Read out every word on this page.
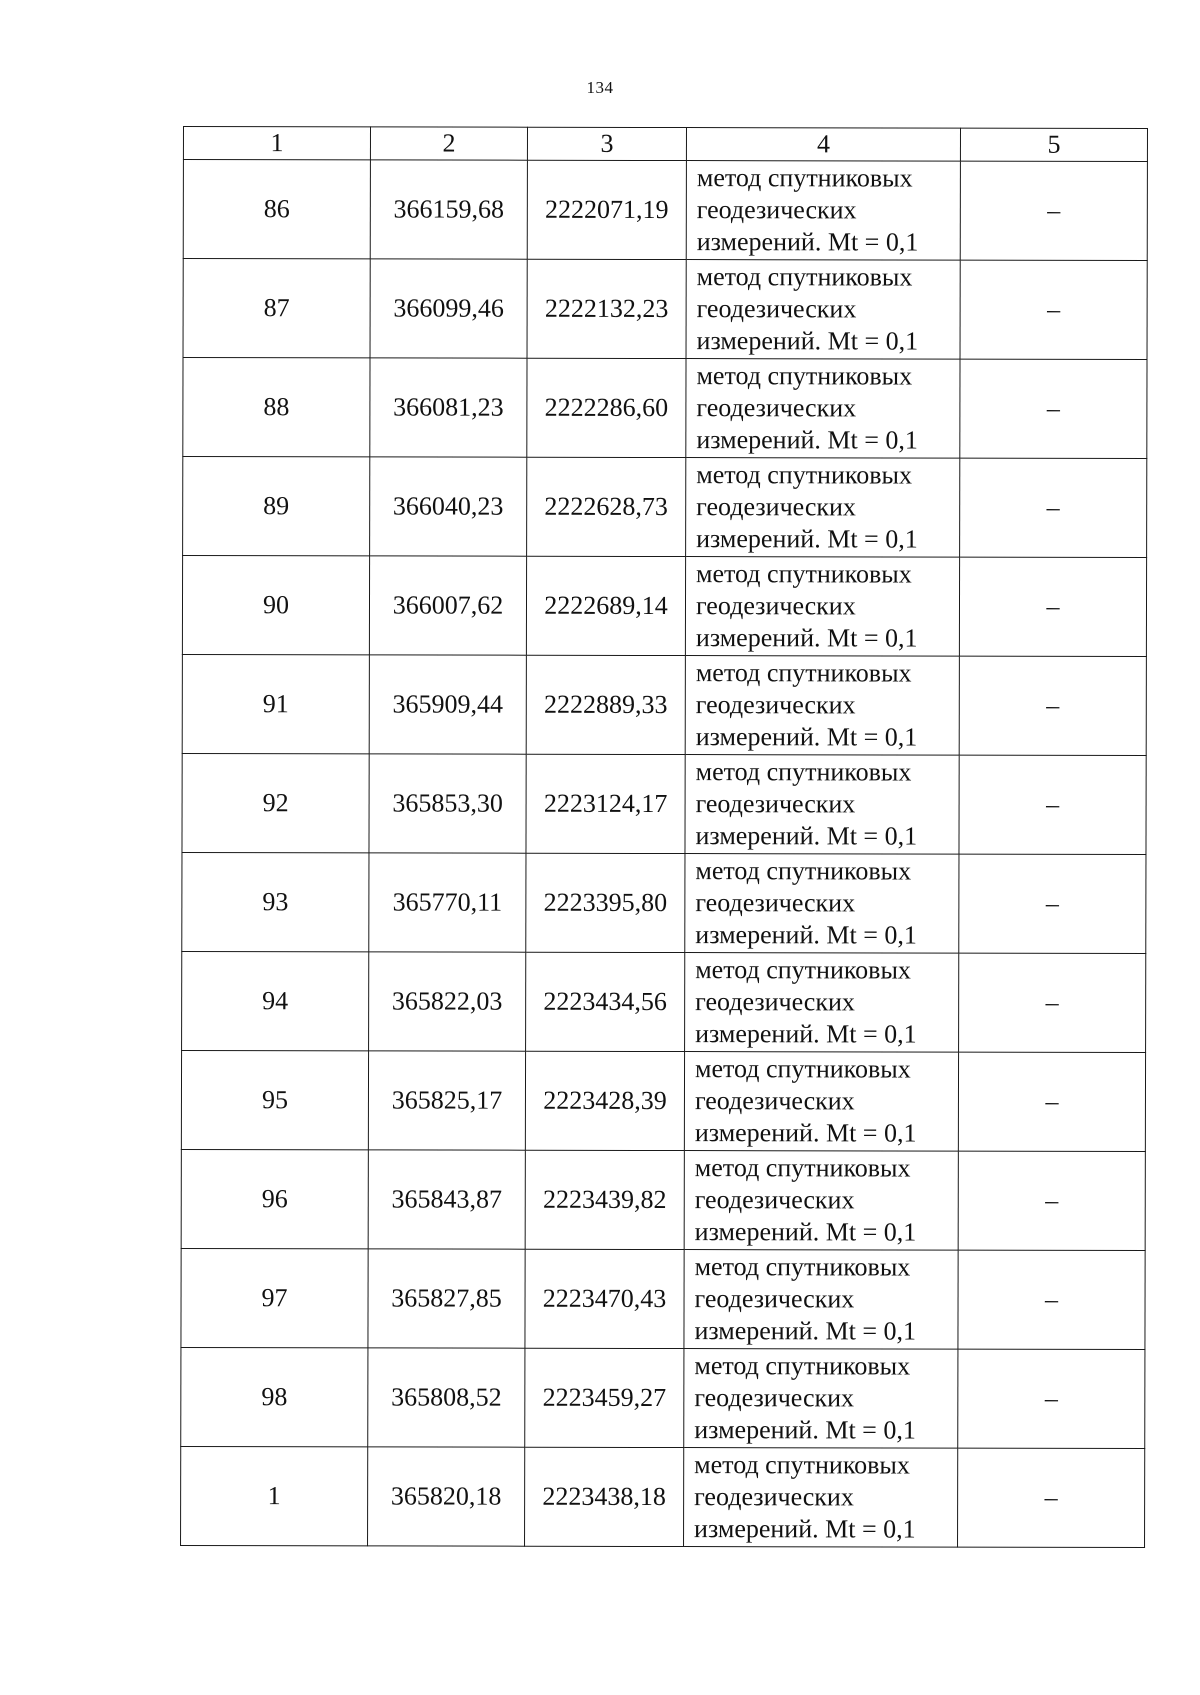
134
1	2	3	4	5
86	366159,68	2222071,19	метод спутниковых
геодезических
измерений. Mt = 0,1	–
87	366099,46	2222132,23	метод спутниковых
геодезических
измерений. Mt = 0,1	–
88	366081,23	2222286,60	метод спутниковых
геодезических
измерений. Mt = 0,1	–
89	366040,23	2222628,73	метод спутниковых
геодезических
измерений. Mt = 0,1	–
90	366007,62	2222689,14	метод спутниковых
геодезических
измерений. Mt = 0,1	–
91	365909,44	2222889,33	метод спутниковых
геодезических
измерений. Mt = 0,1	–
92	365853,30	2223124,17	метод спутниковых
геодезических
измерений. Mt = 0,1	–
93	365770,11	2223395,80	метод спутниковых
геодезических
измерений. Mt = 0,1	–
94	365822,03	2223434,56	метод спутниковых
геодезических
измерений. Mt = 0,1	–
95	365825,17	2223428,39	метод спутниковых
геодезических
измерений. Mt = 0,1	–
96	365843,87	2223439,82	метод спутниковых
геодезических
измерений. Mt = 0,1	–
97	365827,85	2223470,43	метод спутниковых
геодезических
измерений. Mt = 0,1	–
98	365808,52	2223459,27	метод спутниковых
геодезических
измерений. Mt = 0,1	–
1	365820,18	2223438,18	метод спутниковых
геодезических
измерений. Mt = 0,1	–
